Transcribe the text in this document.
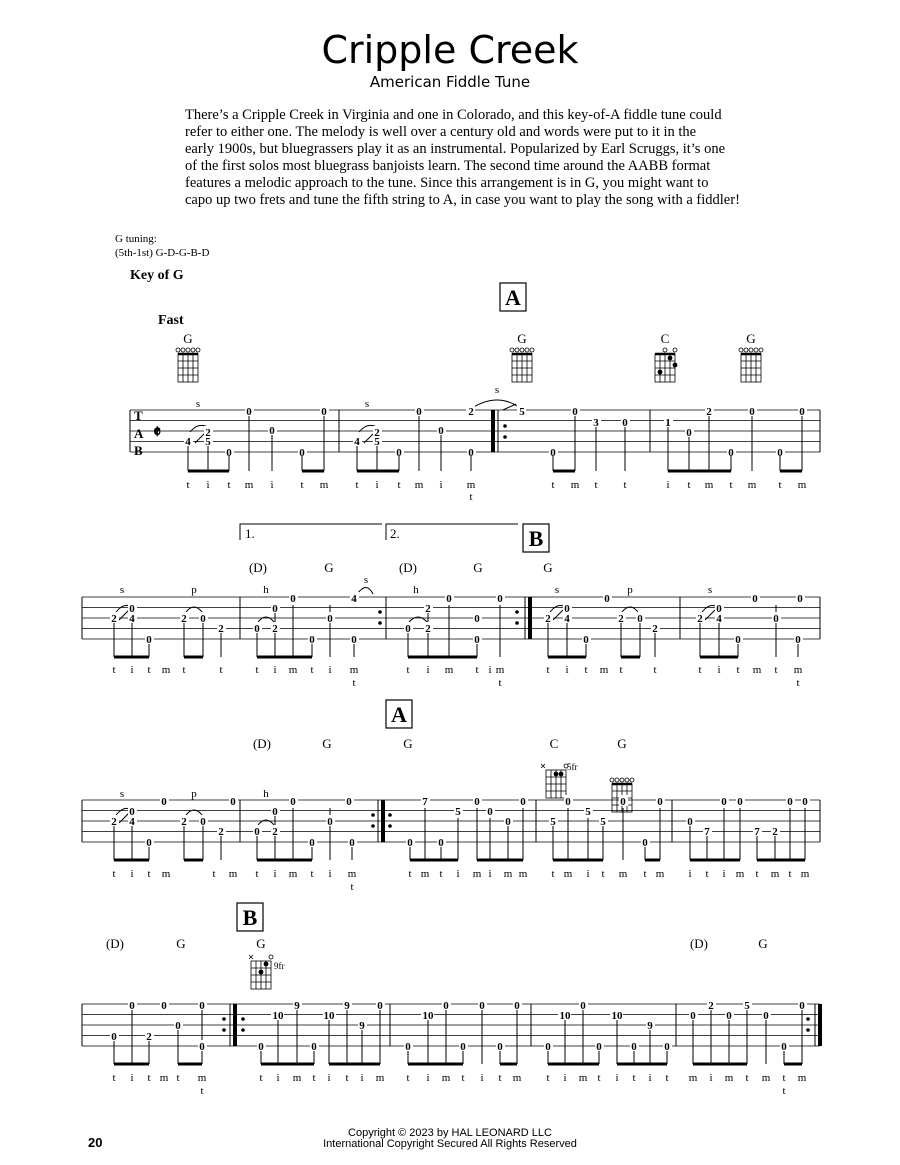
Cripple Creek
American Fiddle Tune

There’s a Cripple Creek in Virginia and one in Colorado, and this key-of-A fiddle tune could

refer to either one. The melody is well over a century old and words were put to it in the

early 1900s, but bluegrassers play it as an instrumental. Popularized by Earl Scruggs, it’s one

of the first solos most bluegrass banjoists learn. The second time around the AABB format

features a melodic approach to the tune. Since this arrangement is in G, you might want to

capo up two frets and tune the fifth string to A, in case you want to play the song with a fiddler!

G tuning:
(5th-1st) G-D-G-B-D
Key of G
Fast
T
A
B
𝄵
A
B
A
B
1.	2.
5fr
9fr
G	G	C	G
(D)	G	(D)	G	G
(D)	G	G	C	G
(D)	G	G	(D)	G
s	s
s
s	p	h
s
h	s	p	s
s	p	h
4
2
5
0
0
0
0
0
4
2
5
0
0
0
0
2	5
0
0
3 0	1
0
2
0
0
0
0
2
0
4
0
2 0
2	0 2
0
0
0
0
0
4
0 2
2
0
0
0
0
2
0
4
0
0
2 0
2
2
0
4
0
0
0
0
0
2
0
4
0
0
2 0
2
0
0 2
0
0
0
0
0
0
0
7
0
5
0
0
0
0
5
0
5
5
0
0
0
0
7
0 0
7 2
0 0
0
0
2
0
0
0
0
0
10
9
0
10
9
9
0
0
10
0
0
0
0
0
0
10
0
0
10
0
9
0
0
2
0
5
0
0
0
t i t m i t m t i t m i m
t
t m t t	i t m t m t m
t i t m t	t	t i m t i m
t
t i m t i m
t
t i t m t	t	t i t m t m
t
t i t m	t m t i m t i m
t
t m t i m i m m t m i t m t m i t i m t m t m
t i t m t m
t
t i m t i t i m t i m t i t m t i m t i t i t m i m t m t m
t
20
Copyright © 2023 by HAL LEONARD LLC
International Copyright Secured All Rights Reserved
